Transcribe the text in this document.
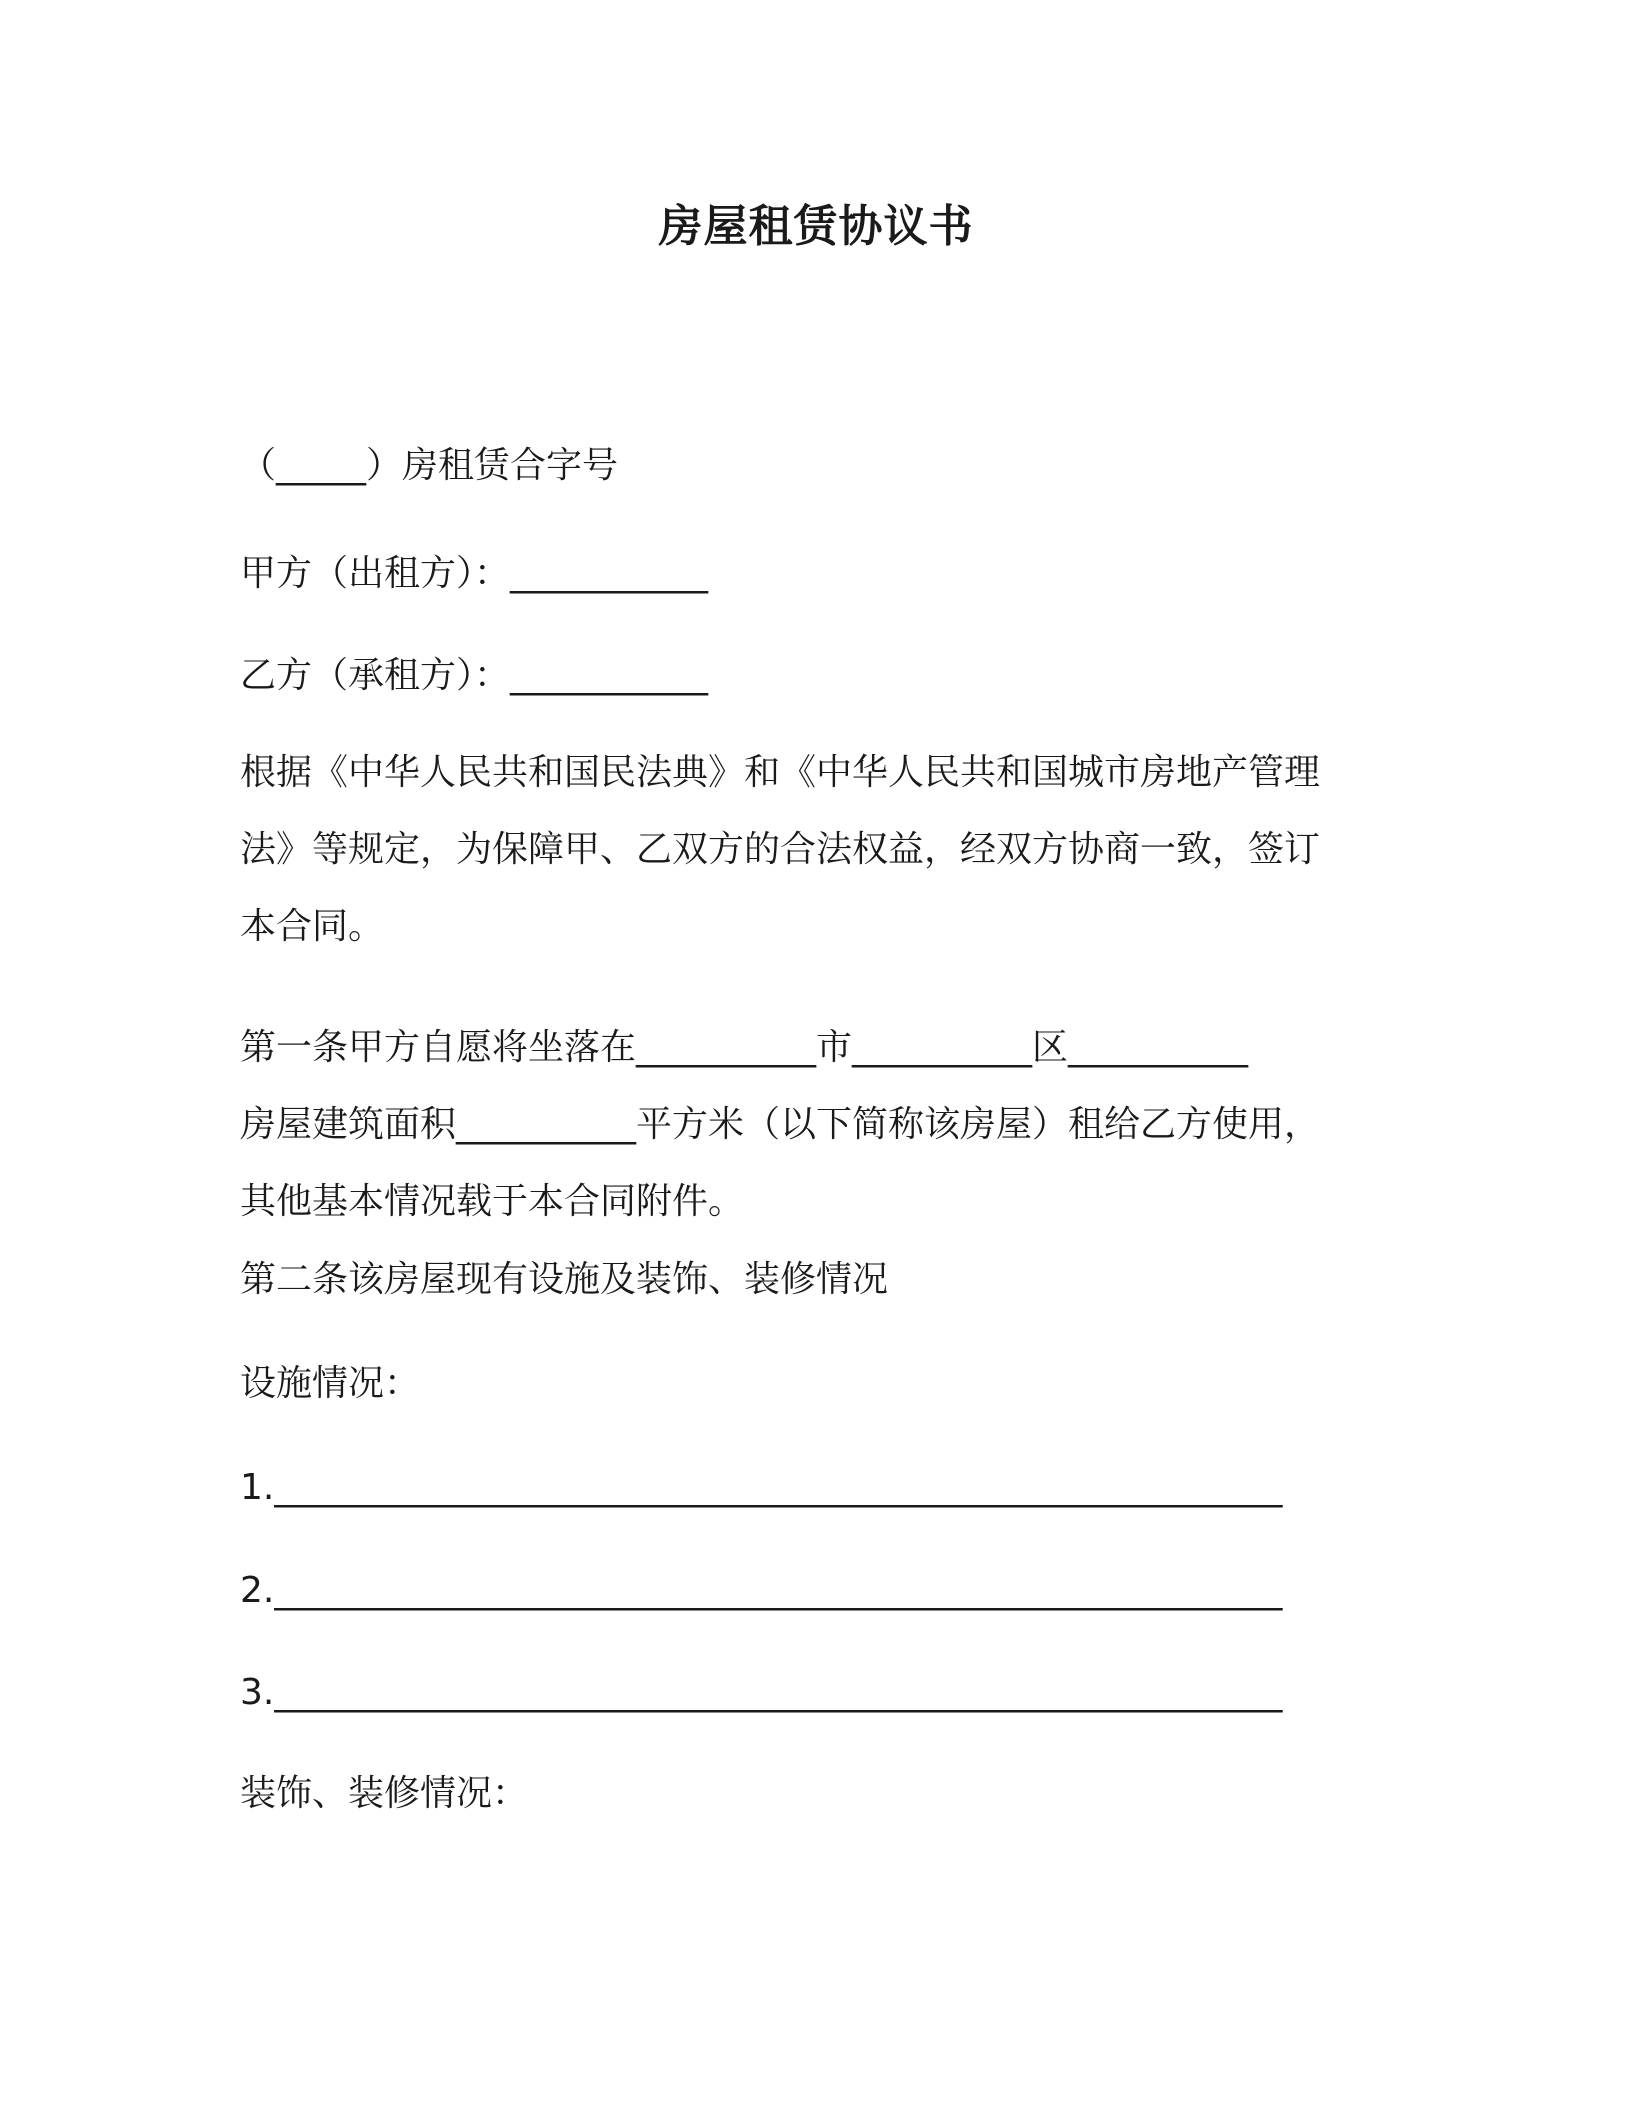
房屋租赁协议书
（_____）房租赁合字号
甲方（出租方）：___________
乙方（承租方）：___________

根据《中华人民共和国民法典》和《中华人民共和国城市房地产管理

法》等规定，为保障甲、乙双方的合法权益，经双方协商一致，签订

本合同。

第一条甲方自愿将坐落在__________市__________区__________

房屋建筑面积__________平方米（以下简称该房屋）租给乙方使用，

其他基本情况载于本合同附件。

第二条该房屋现有设施及装饰、装修情况
设施情况：
1.________________________________________________________
2.________________________________________________________
3.________________________________________________________
装饰、装修情况：
